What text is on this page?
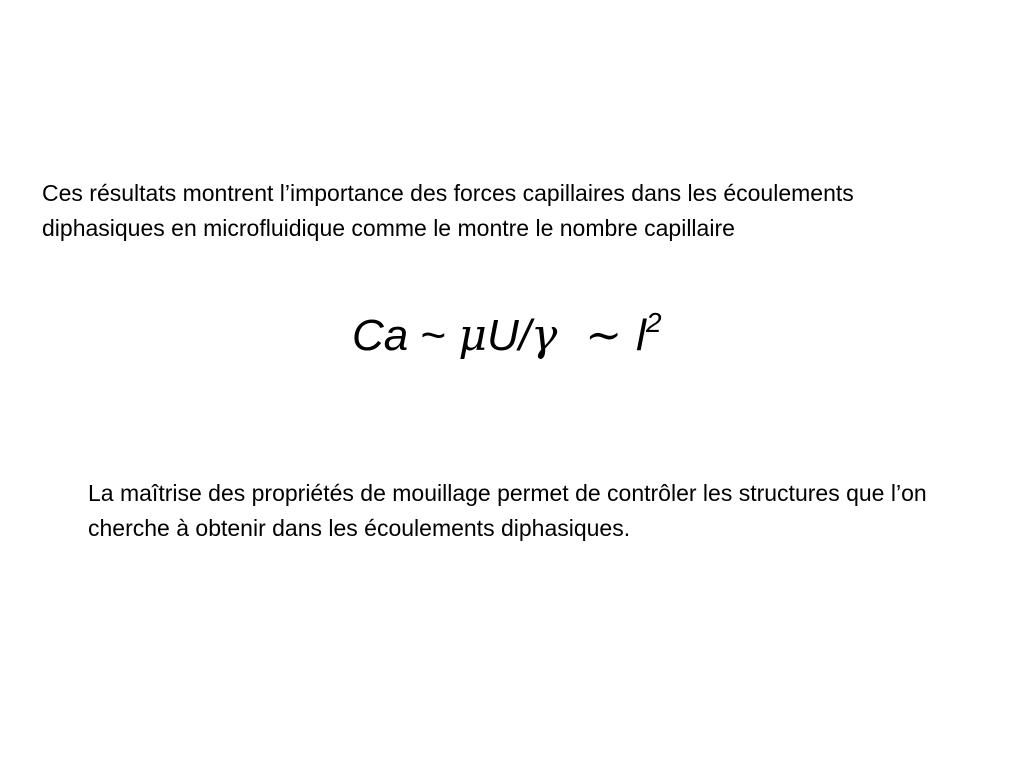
Ces résultats montrent l’importance des forces capillaires dans les écoulements diphasiques en microfluidique comme le montre le nombre capillaire

Ca ~ μU/γ  ~ $l^2$

La maîtrise des propriétés de mouillage permet de contrôler les structures que l’on cherche à obtenir dans les écoulements diphasiques.
